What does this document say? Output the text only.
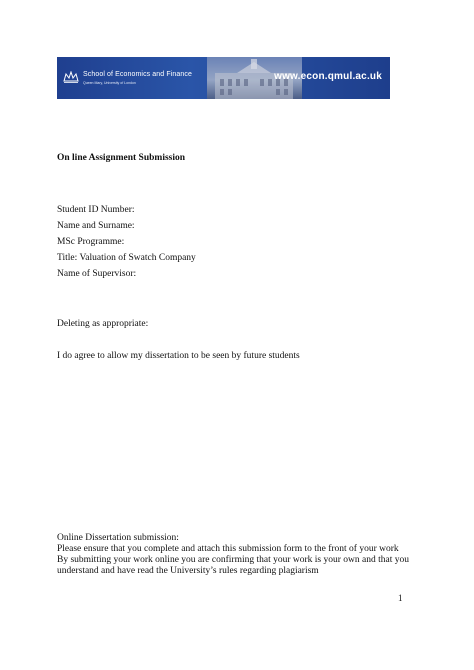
School of Economics and Finance
Queen Mary, University of London
www.econ.qmul.ac.uk
On line Assignment Submission
Student ID Number:
Name and Surname:
MSc Programme:
Title: Valuation of Swatch Company
Name of Supervisor:
Deleting as appropriate:
I do agree to allow my dissertation to be seen by future students
Online Dissertation submission:
Please ensure that you complete and attach this submission form to the front of your work
By submitting your work online you are confirming that your work is your own and that you
understand and have read the University’s rules regarding plagiarism
1
